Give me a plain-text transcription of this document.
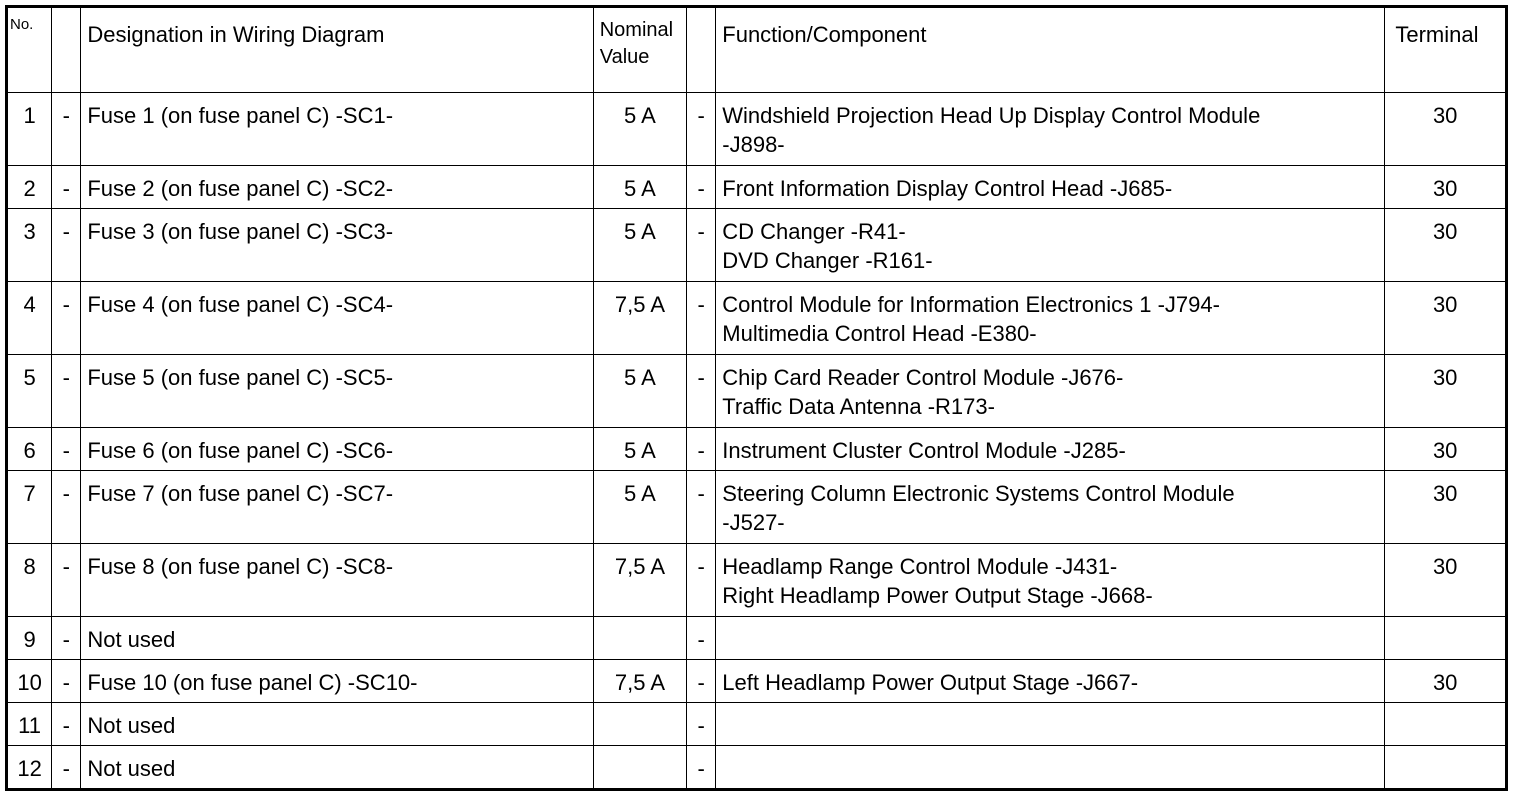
No.		Designation in Wiring Diagram	Nominal
Value		Function/Component	Terminal
1	-	Fuse 1 (on fuse panel C) -SC1-	5 A	-	Windshield Projection Head Up Display Control Module
-J898-	30
2	-	Fuse 2 (on fuse panel C) -SC2-	5 A	-	Front Information Display Control Head -J685-	30
3	-	Fuse 3 (on fuse panel C) -SC3-	5 A	-	CD Changer -R41-
DVD Changer -R161-	30
4	-	Fuse 4 (on fuse panel C) -SC4-	7,5 A	-	Control Module for Information Electronics 1 -J794-
Multimedia Control Head -E380-	30
5	-	Fuse 5 (on fuse panel C) -SC5-	5 A	-	Chip Card Reader Control Module -J676-
Traffic Data Antenna -R173-	30
6	-	Fuse 6 (on fuse panel C) -SC6-	5 A	-	Instrument Cluster Control Module -J285-	30
7	-	Fuse 7 (on fuse panel C) -SC7-	5 A	-	Steering Column Electronic Systems Control Module
-J527-	30
8	-	Fuse 8 (on fuse panel C) -SC8-	7,5 A	-	Headlamp Range Control Module -J431-
Right Headlamp Power Output Stage -J668-	30
9	-	Not used		-		
10	-	Fuse 10 (on fuse panel C) -SC10-	7,5 A	-	Left Headlamp Power Output Stage -J667-	30
11	-	Not used		-		
12	-	Not used		-		
